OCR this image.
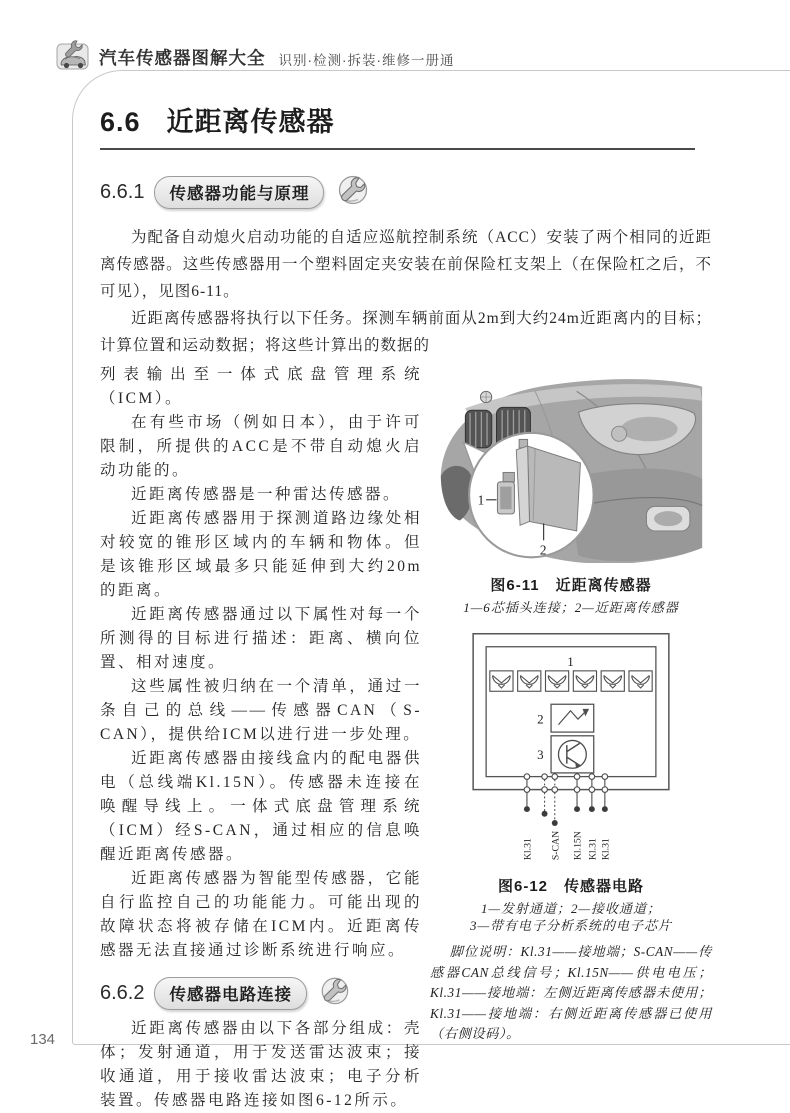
汽车传感器图解大全 识别·检测·拆装·维修一册通
134
6.6 近距离传感器
6.6.1	传感器功能与原理

为配备自动熄火启动功能的自适应巡航控制系统（ACC）安装了两个相同的近距离传感器。这些传感器用一个塑料固定夹安装在前保险杠支架上（在保险杠之后，不可见），见图6-11。

近距离传感器将执行以下任务。探测车辆前面从2m到大约24m近距离内的目标；计算位置和运动数据；将这些计算出的数据的

列表输出至一体式底盘管理系统（ICM）。

在有些市场（例如日本），由于许可限制，所提供的ACC是不带自动熄火启动功能的。

近距离传感器是一种雷达传感器。

近距离传感器用于探测道路边缘处相对较宽的锥形区域内的车辆和物体。但是该锥形区域最多只能延伸到大约20m的距离。

近距离传感器通过以下属性对每一个所测得的目标进行描述：距离、横向位置、相对速度。

这些属性被归纳在一个清单，通过一条自己的总线——传感器CAN（S-CAN），提供给ICM以进行进一步处理。

近距离传感器由接线盒内的配电器供电（总线端Kl.15N）。传感器未连接在唤醒导线上。一体式底盘管理系统（ICM）经S-CAN，通过相应的信息唤醒近距离传感器。

近距离传感器为智能型传感器，它能自行监控自己的功能能力。可能出现的故障状态将被存储在ICM内。近距离传感器无法直接通过诊断系统进行响应。

6.6.2	传感器电路连接

近距离传感器由以下各部分组成：壳体；发射通道，用于发送雷达波束；接收通道，用于接收雷达波束；电子分析装置。传感器电路连接如图6-12所示。

1
2
图6-11　近距离传感器
1—6芯插头连接；2—近距离传感器
1
2
3
Kl.31 S-CAN Kl.15N Kl.31 Kl.31
图6-12　传感器电路
1—发射通道；2—接收通道；
3—带有电子分析系统的电子芯片

脚位说明：Kl.31——接地端；S-CAN——传感器CAN总线信号；Kl.15N——供电电压；Kl.31——接地端：左侧近距离传感器未使用；Kl.31——接地端：右侧近距离传感器已使用（右侧设码）。
